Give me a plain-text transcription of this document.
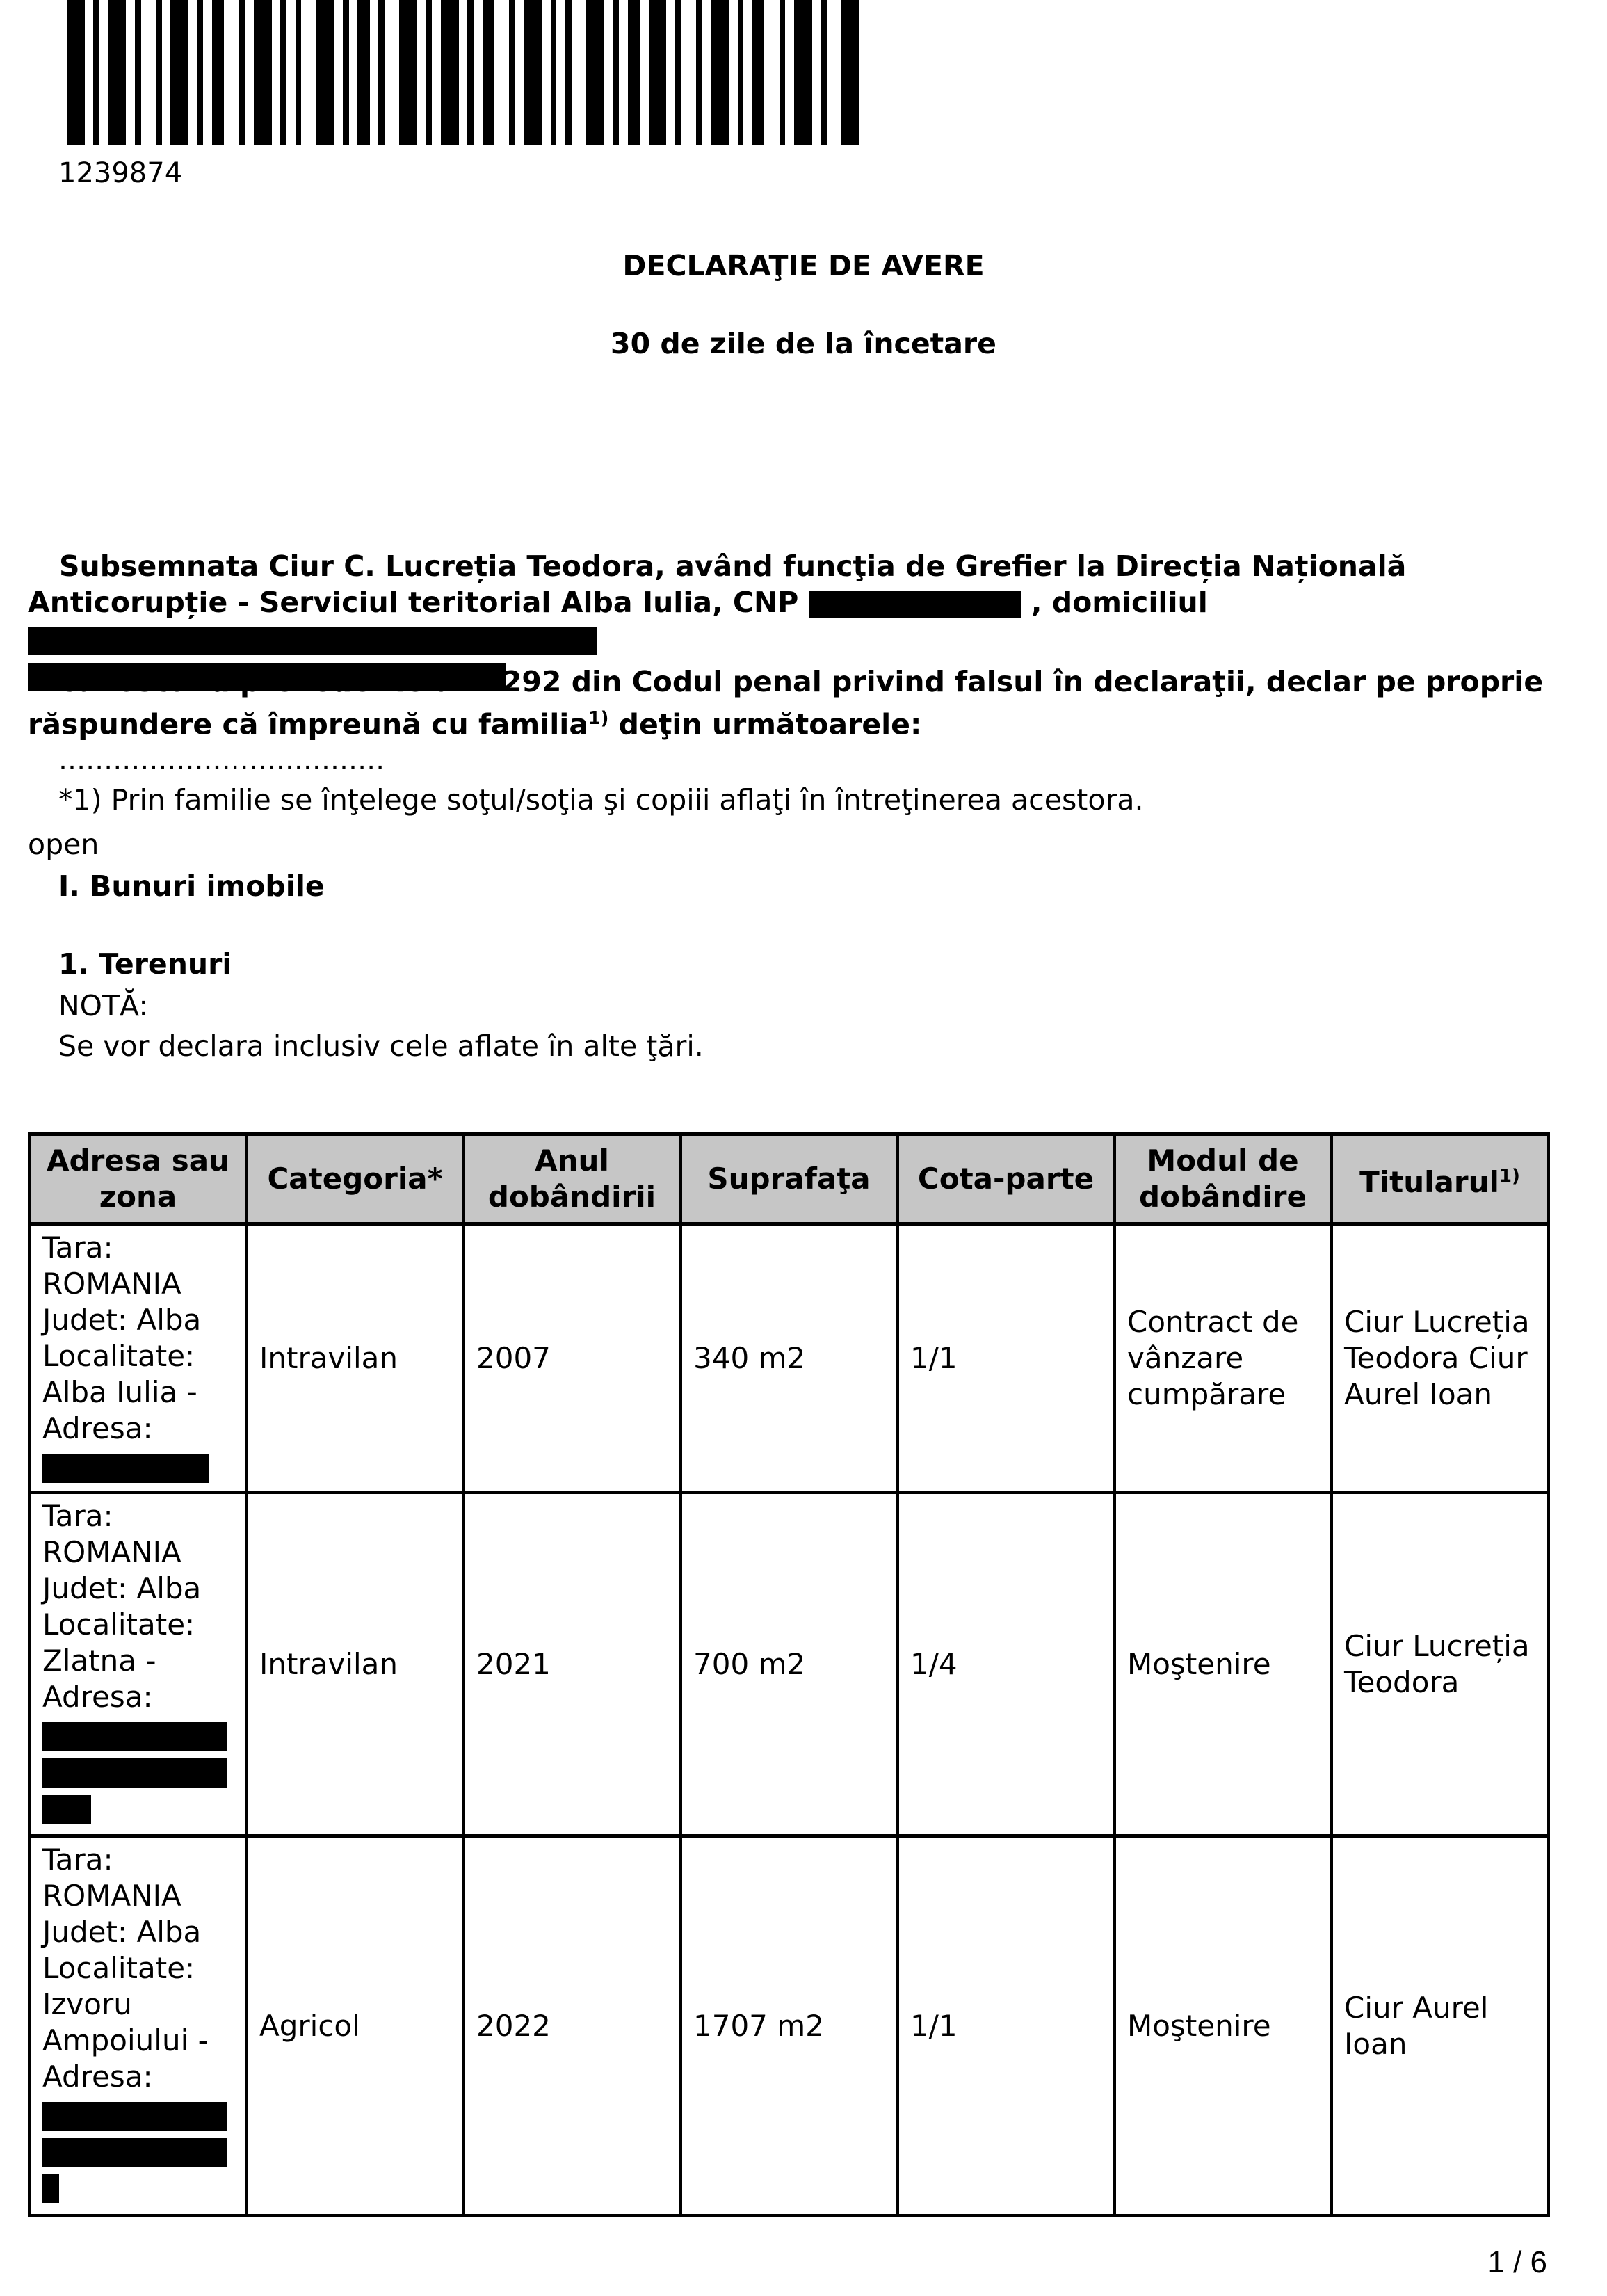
1239874
DECLARAŢIE DE AVERE
30 de zile de la încetare
Subsemnata Ciur C. Lucreția Teodora, având funcţia de Grefier la Direcția Națională Anticorupție - Serviciul teritorial Alba Iulia, CNP	, domiciliul

cunoscând prevederile art. 292 din Codul penal privind falsul în declaraţii, declar pe proprie răspundere că împreună cu familia$^{1)}$ deţin următoarele:
....................................
*1) Prin familie se înţelege soţul/soţia şi copiii aflaţi în întreţinerea acestora.
open
I. Bunuri imobile
1. Terenuri
NOTĂ:
Se vor declara inclusiv cele aflate în alte ţări.
Adresa sau zona	Categoria*	Anul dobândirii	Suprafaţa	Cota-parte	Modul de dobândire	Titularul$^{1)}$
Tara: ROMANIA Judet: Alba Localitate: Alba Iulia - Adresa:	Intravilan	2007	340 m2	1/1	Contract de vânzare cumpărare	Ciur Lucreția Teodora Ciur Aurel Ioan
Tara: ROMANIA Judet: Alba Localitate: Zlatna - Adresa:	Intravilan	2021	700 m2	1/4	Moştenire	Ciur Lucreția Teodora
Tara: ROMANIA Judet: Alba Localitate: Izvoru Ampoiului - Adresa:	Agricol	2022	1707 m2	1/1	Moştenire	Ciur Aurel Ioan
1 / 6
